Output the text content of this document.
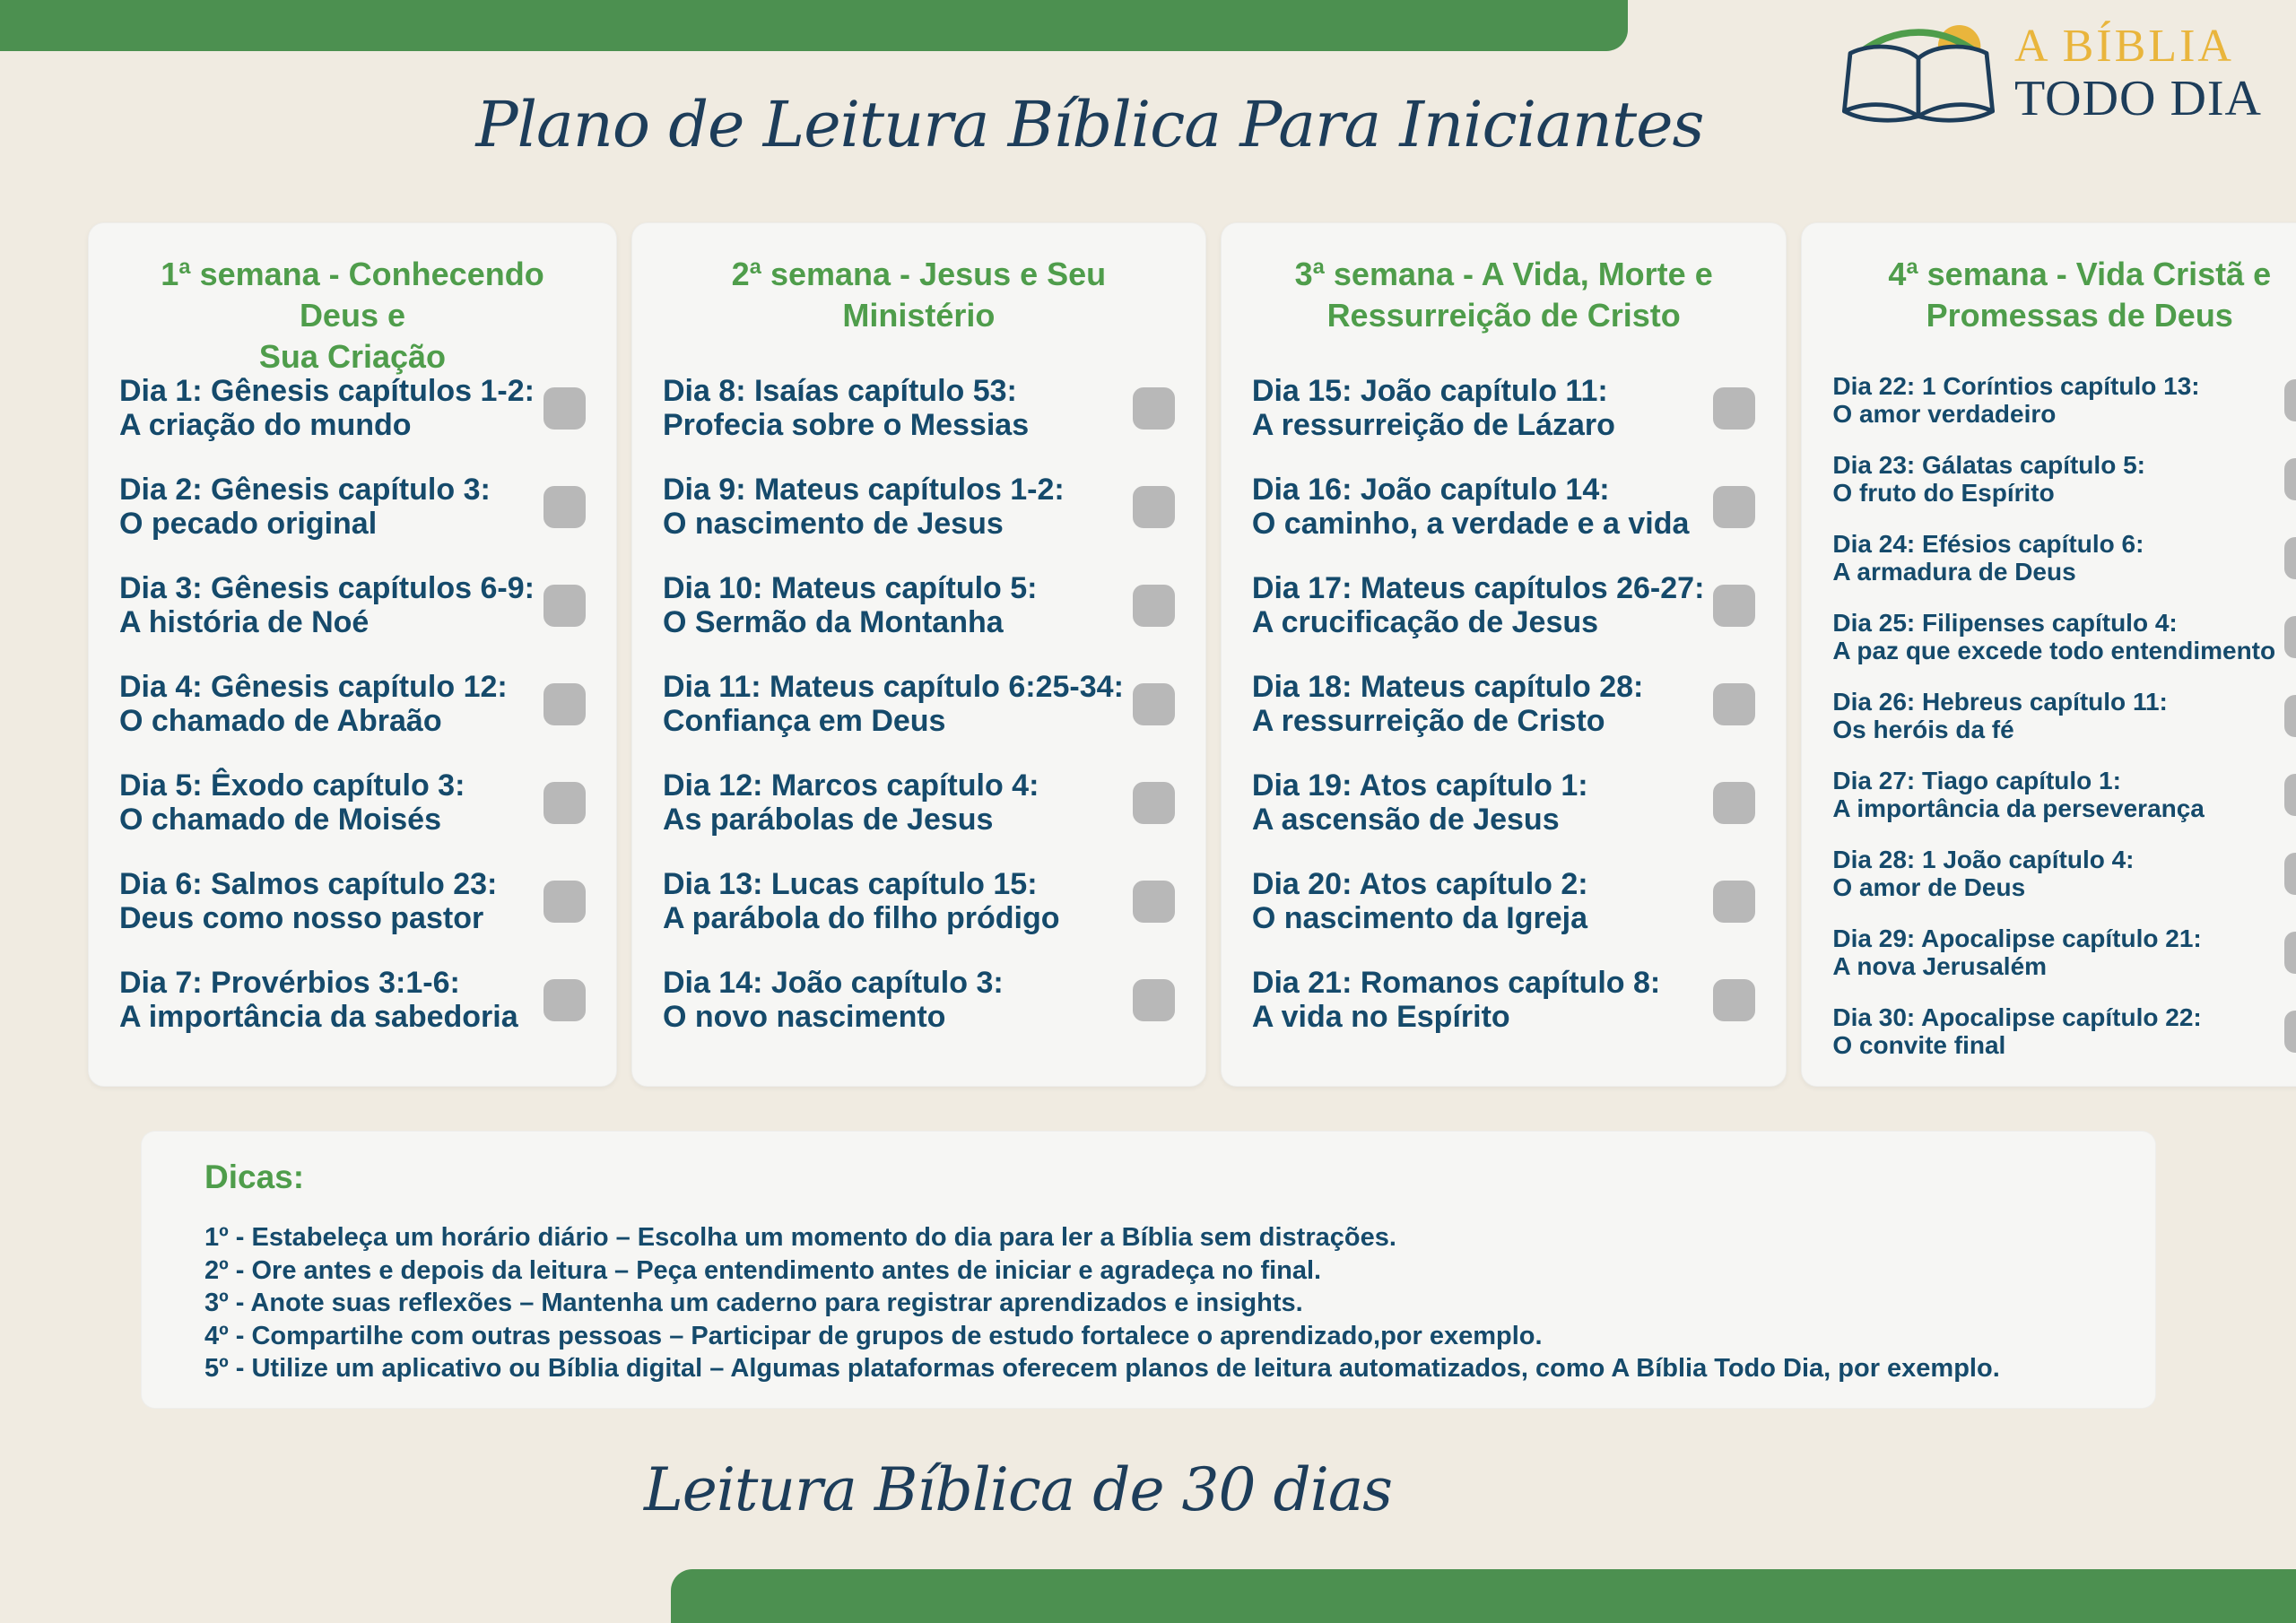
Plano de Leitura Bíblica Para Iniciantes
A BÍBLIA
TODO DIA
1ª semana - Conhecendo Deus e
Sua Criação
Dia 1: Gênesis capítulos 1-2:
A criação do mundo
Dia 2: Gênesis capítulo 3:
O pecado original
Dia 3: Gênesis capítulos 6-9:
A história de Noé
Dia 4: Gênesis capítulo 12:
O chamado de Abraão
Dia 5: Êxodo capítulo 3:
O chamado de Moisés
Dia 6: Salmos capítulo 23:
Deus como nosso pastor
Dia 7: Provérbios 3:1-6:
A importância da sabedoria
2ª semana - Jesus e Seu Ministério
Dia 8: Isaías capítulo 53:
Profecia sobre o Messias
Dia 9: Mateus capítulos 1-2:
O nascimento de Jesus
Dia 10: Mateus capítulo 5:
O Sermão da Montanha
Dia 11: Mateus capítulo 6:25-34:
Confiança em Deus
Dia 12: Marcos capítulo 4:
As parábolas de Jesus
Dia 13: Lucas capítulo 15:
A parábola do filho pródigo
Dia 14: João capítulo 3:
O novo nascimento
3ª semana - A Vida, Morte e
Ressurreição de Cristo
Dia 15: João capítulo 11:
A ressurreição de Lázaro
Dia 16: João capítulo 14:
O caminho, a verdade e a vida
Dia 17: Mateus capítulos 26-27:
A crucificação de Jesus
Dia 18: Mateus capítulo 28:
A ressurreição de Cristo
Dia 19: Atos capítulo 1:
A ascensão de Jesus
Dia 20: Atos capítulo 2:
O nascimento da Igreja
Dia 21: Romanos capítulo 8:
A vida no Espírito
4ª semana - Vida Cristã e
Promessas de Deus
Dia 22: 1 Coríntios capítulo 13:
O amor verdadeiro
Dia 23: Gálatas capítulo 5:
O fruto do Espírito
Dia 24: Efésios capítulo 6:
A armadura de Deus
Dia 25: Filipenses capítulo 4:
A paz que excede todo entendimento
Dia 26: Hebreus capítulo 11:
Os heróis da fé
Dia 27: Tiago capítulo 1:
A importância da perseverança
Dia 28: 1 João capítulo 4:
O amor de Deus
Dia 29: Apocalipse capítulo 21:
A nova Jerusalém
Dia 30: Apocalipse capítulo 22:
O convite final
Dicas:
1º - Estabeleça um horário diário – Escolha um momento do dia para ler a Bíblia sem distrações.
2º - Ore antes e depois da leitura – Peça entendimento antes de iniciar e agradeça no final.
3º - Anote suas reflexões – Mantenha um caderno para registrar aprendizados e insights.
4º - Compartilhe com outras pessoas – Participar de grupos de estudo fortalece o aprendizado,por exemplo.
5º - Utilize um aplicativo ou Bíblia digital – Algumas plataformas oferecem planos de leitura automatizados, como A Bíblia Todo Dia, por exemplo.
Leitura Bíblica de 30 dias
